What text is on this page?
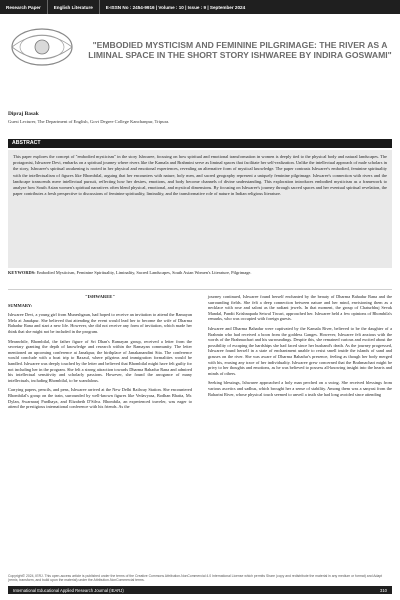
Research Paper	English Literature	E-ISSN No : 2454-9916 | Volume : 10 | Issue : 9 | September 2024
"EMBODIED MYSTICISM AND FEMININE PILGRIMAGE: THE RIVER AS A LIMINAL SPACE IN THE SHORT STORY ISHWAREE BY INDIRA GOSWAMI"
Dipraj Basak
Guest Lecturer, The Department of English, Govt Degree College Kanchanpur, Tripura.
ABSTRACT

This paper explores the concept of "embodied mysticism" in the story Ishwaree, focusing on how spiritual and emotional transformation in women is deeply tied to the physical body and natural landscapes. The protagonist, Ishwaree Devi, embarks on a spiritual journey where rivers like the Kamala and Brahmini serve as liminal spaces that facilitate her self-realization. Unlike the intellectual approach of male scholars in the story, Ishwaree's spiritual awakening is rooted in her physical and emotional experiences, revealing an alternative form of mystical knowledge. The paper contrasts Ishwaree's embodied, feminine spirituality with the intellectualism of figures like Bhombilal, arguing that her encounters with nature, holy men, and sacred geography represent a uniquely feminine pilgrimage. Ishwaree's connection with rivers and the landscape transcends mere intellectual pursuit, reflecting how her desires, emotions, and body become channels of divine understanding. This exploration introduces embodied mysticism as a framework to analyze how South Asian women's spiritual narratives often blend physical, emotional, and mystical dimensions. By focusing on Ishwaree's journey through sacred spaces and her eventual spiritual revelation, the paper contributes a fresh perspective to discussions of feminine spirituality, liminality, and the transformative role of nature in Indian religious literature.

KEYWORDS: Embodied Mysticism, Feminine Spirituality, Liminality, Sacred Landscapes, South Asian Women's Literature, Pilgrimage.
"ISHWAREE"

SUMMARY:

Ishwaree Devi, a young girl from Muneshgaun, had hoped to receive an invitation to attend the Ramayan Mela at Janakpur. She believed that attending the event would lead her to become the wife of Dharma Bahadur Rana and start a new life. However, she did not receive any form of invitation, which made her think that she might not be included in the program.

Meanwhile, Bhombilal, the father figure of Sri Dhan's Ramayan group, received a letter from the secretary granting the depth of knowledge and research within the Ramayan community. The letter mentioned an upcoming conference at Janakpur, the birthplace of Janakanandini Sita. The conference would conclude with a boat trip to Raxaul, where pilgrims and immigration formalities would be handled. Ishwaree was deeply touched by the letter and believed that Bhombilal might have felt guilty for not including her in the program. She felt a strong attraction towards Dharma Bahadur Rana and admired his intellectual sensitivity and scholarly passions. However, she found the arrogance of many intellectuals, including Bhombilal, to be scandalous.

Carrying papers, pencils, and pens, Ishwaree arrived at the New Delhi Railway Station. She encountered Bhombilal's group on the train, surrounded by well-known figures like Vedavyasa, Bodhan Bhatta, Mr. Dylan, Swarnaraj Pardhaya, and Elizabeth D'Silva. Bhombila, an experienced traveler, was eager to attend the prestigious international conference with his friends. As the

journey continued, Ishwaree found herself enchanted by the beauty of Dharma Bahadur Rana and the surrounding fields. She felt a deep connection between nature and her mind, envisioning them as a necklace with rose and saloni as the radiant jewels. In that moment, the group of Chaturbhuj Sevak Mandal, Pandit Krishnapada Setwal Tiwari, approached her. Ishwaree held a few opinions of Bhombila's remarks, who was occupied with foreign guests.

Ishwaree and Dharma Bahadur were captivated by the Kamala River, believed to be the daughter of a Brahmin who had received a boon from the goddess Ganges. However, Ishwaree felt anxious with the words of the Brahmachari and his surroundings. Despite this, she remained curious and excited about the possibility of escaping the hardships she had faced since her husband's death. As the journey progressed, Ishwaree found herself in a state of enchantment unable to resist smell inside the islands of sand and grasses on the river. She was aware of Dharma Bahadur's presence, feeling as though her body merged with his, erasing any trace of her individuality. Ishwaree grew concerned that the Brahmachari might be privy to her thoughts and emotions, as he was believed to possess all-knowing insight into the hearts and minds of others.

Seeking blessings, Ishwaree approached a holy man perched on a swing. She received blessings from various ascetics and sadhus, which brought her a sense of stability. Among them was a sanyasi from the Baharini River, whose physical touch seemed to unveil a truth she had long avoided since attending

Copyright© 2024, IERJ. This open-access article is published under the terms of the Creative Commons Attribution-NonCommercial 4.0 International License which permits Share (copy and redistribute the material in any medium or format) and Adapt (remix, transform, and build upon the material) under the Attribution-NonCommercial terms.
International Educational Applied Research Journal (IEARJ)	310
